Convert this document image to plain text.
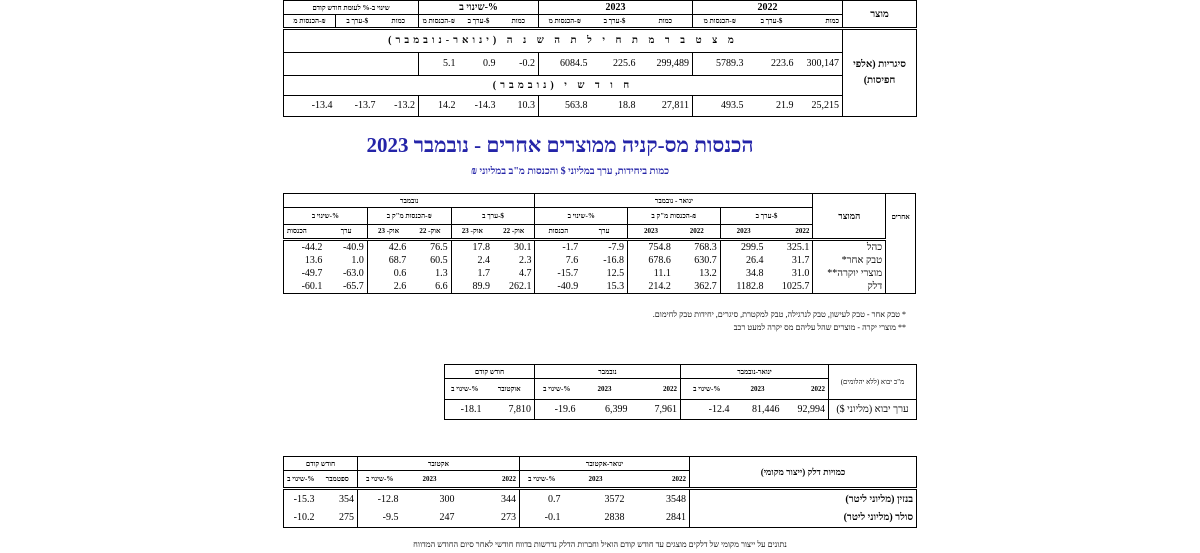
שינוי ב-% לעומת חודש קודם			שינוי ב-%			2023			2022			מוצר
הכנסות מ-₪	ערך ב-$	כמות	הכנסות מ-₪	ערך ב-$	כמות	הכנסות מ-₪	ערך ב-$	כמות	הכנסות מ-₪	ערך ב-$	כמות	
מ צ ט ב ר מ ת ח י ל ת ה ש נ ה (ינואר-נובמבר)												סיגריות (אלפי חפיסות)
			5.1	0.9	-0.2	6084.5	225.6	299,489	5789.3	223.6	300,147	
ח ו ד ש י (נובמבר)												
-13.4	-13.7	-13.2	14.2	-14.3	10.3	563.8	18.8	27,811	493.5	21.9	25,215	
הכנסות מס-קניה ממוצרים אחרים - נובמבר 2023
כמות ביחידות, ערך במליוני $ והכנסות מ"ב במליוני ₪
נובמבר						ינואר - נובמבר						המוצר	אחרים
שינוי ב-%		הכנסות מ"ק ב-₪		ערך ב-$		שינוי ב-%		הכנסות מ"ק ב-₪		ערך ב-$			
הכנסות	ערך	אוק- 23	אוק- 22	אוק- 23	אוק- 22	הכנסות	ערך	2023	2022	2023	2022		
-44.2	-40.9	42.6	76.5	17.8	30.1	-1.7	-7.9	754.8	768.3	299.5	325.1	כהל	
13.6	1.0	68.7	60.5	2.4	2.3	7.6	-16.8	678.6	630.7	26.4	31.7	טבק אחר*	
-49.7	-63.0	0.6	1.3	1.7	4.7	-15.7	12.5	11.1	13.2	34.8	31.0	מוצרי יוקרה**	
-60.1	-65.7	2.6	6.6	89.9	262.1	-40.9	15.3	214.2	362.7	1182.8	1025.7	דלק	
* טבק אחר - טבק לעישון, טבק לנרגילה, טבק למקטרת, סיגרים, יחידות טבק לחימום.
** מוצרי יקרה - מוצרים שהל עליהם מס יקרה למעט רכב
חודש קודם		נובמבר			ינואר-נובמבר			מ"כ יבוא (ללא יהלומים)
שינוי ב-%	אוקטובר	שינוי ב-%	2023	2022	שינוי ב-%	2023	2022	
-18.1	7,810	-19.6	6,399	7,961	-12.4	81,446	92,994	ערך יבוא (מליוני $)
חודש קודם		אקטובר			ינואר-אקטובר			כמויות דלק (ייצור מקומי)
שינוי ב-%	ספטמבר	שינוי ב-%	2023	2022	שינוי ב-%	2023	2022	
-15.3	354	-12.8	300	344	0.7	3572	3548	בנזין (מליוני ליטר)
-10.2	275	-9.5	247	273	-0.1	2838	2841	סולר (מליוני ליטר)
נתונים על ייצור מקומי של דלקים מוצגים עד חודש קודם הואיל וחברות הדלק נדרשות בדווח חודשי לאחר סיום החודש המדווח
